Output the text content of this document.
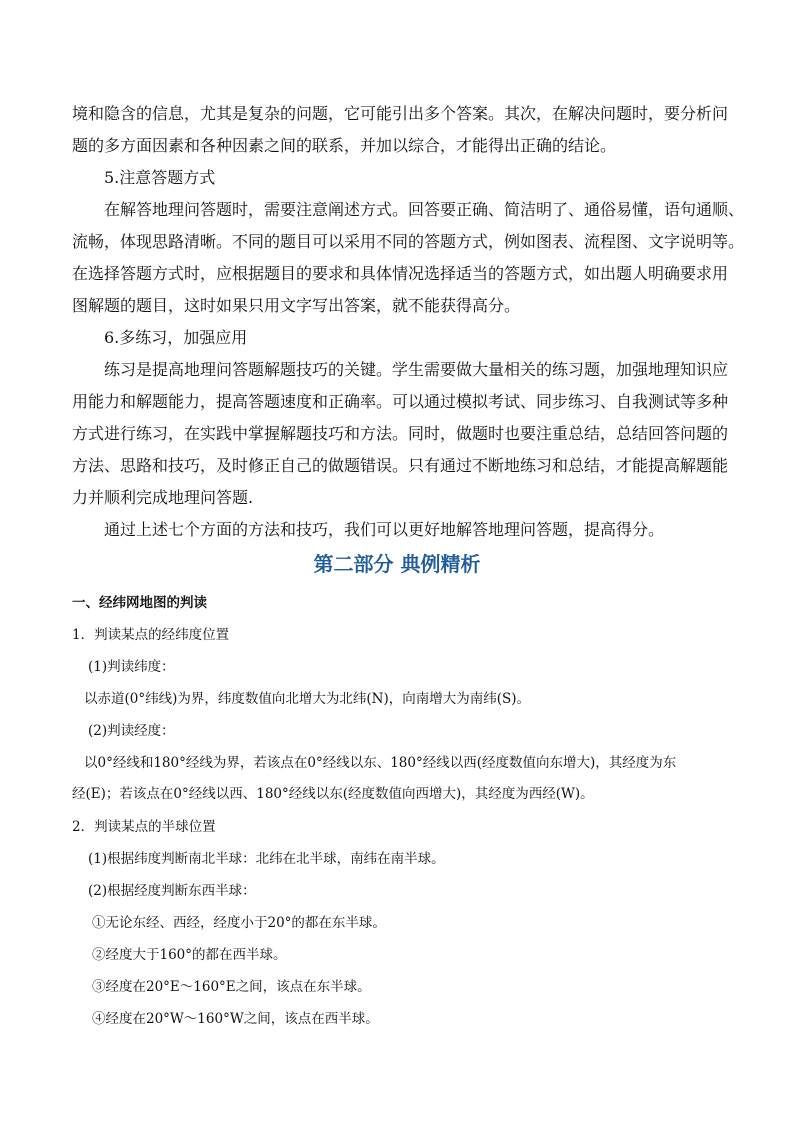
境和隐含的信息，尤其是复杂的问题，它可能引出多个答案。其次，在解决问题时，要分析问
题的多方面因素和各种因素之间的联系，并加以综合，才能得出正确的结论。
5.注意答题方式
在解答地理问答题时，需要注意阐述方式。回答要正确、简洁明了、通俗易懂，语句通顺、
流畅，体现思路清晰。不同的题目可以采用不同的答题方式，例如图表、流程图、文字说明等。
在选择答题方式时，应根据题目的要求和具体情况选择适当的答题方式，如出题人明确要求用
图解题的题目，这时如果只用文字写出答案，就不能获得高分。
6.多练习，加强应用
练习是提高地理问答题解题技巧的关键。学生需要做大量相关的练习题，加强地理知识应
用能力和解题能力，提高答题速度和正确率。可以通过模拟考试、同步练习、自我测试等多种
方式进行练习，在实践中掌握解题技巧和方法。同时，做题时也要注重总结，总结回答问题的
方法、思路和技巧，及时修正自己的做题错误。只有通过不断地练习和总结，才能提高解题能
力并顺利完成地理问答题.
通过上述七个方面的方法和技巧，我们可以更好地解答地理问答题，提高得分。
第二部分 典例精析
一、经纬网地图的判读
1．判读某点的经纬度位置
(1)判读纬度：
以赤道(0°纬线)为界，纬度数值向北增大为北纬(N)，向南增大为南纬(S)。
(2)判读经度：
以0°经线和180°经线为界，若该点在0°经线以东、180°经线以西(经度数值向东增大)，其经度为东
经(E)；若该点在0°经线以西、180°经线以东(经度数值向西增大)，其经度为西经(W)。
2．判读某点的半球位置
(1)根据纬度判断南北半球：北纬在北半球，南纬在南半球。
(2)根据经度判断东西半球：
①无论东经、西经，经度小于20°的都在东半球。
②经度大于160°的都在西半球。
③经度在20°E～160°E之间，该点在东半球。
④经度在20°W～160°W之间，该点在西半球。
